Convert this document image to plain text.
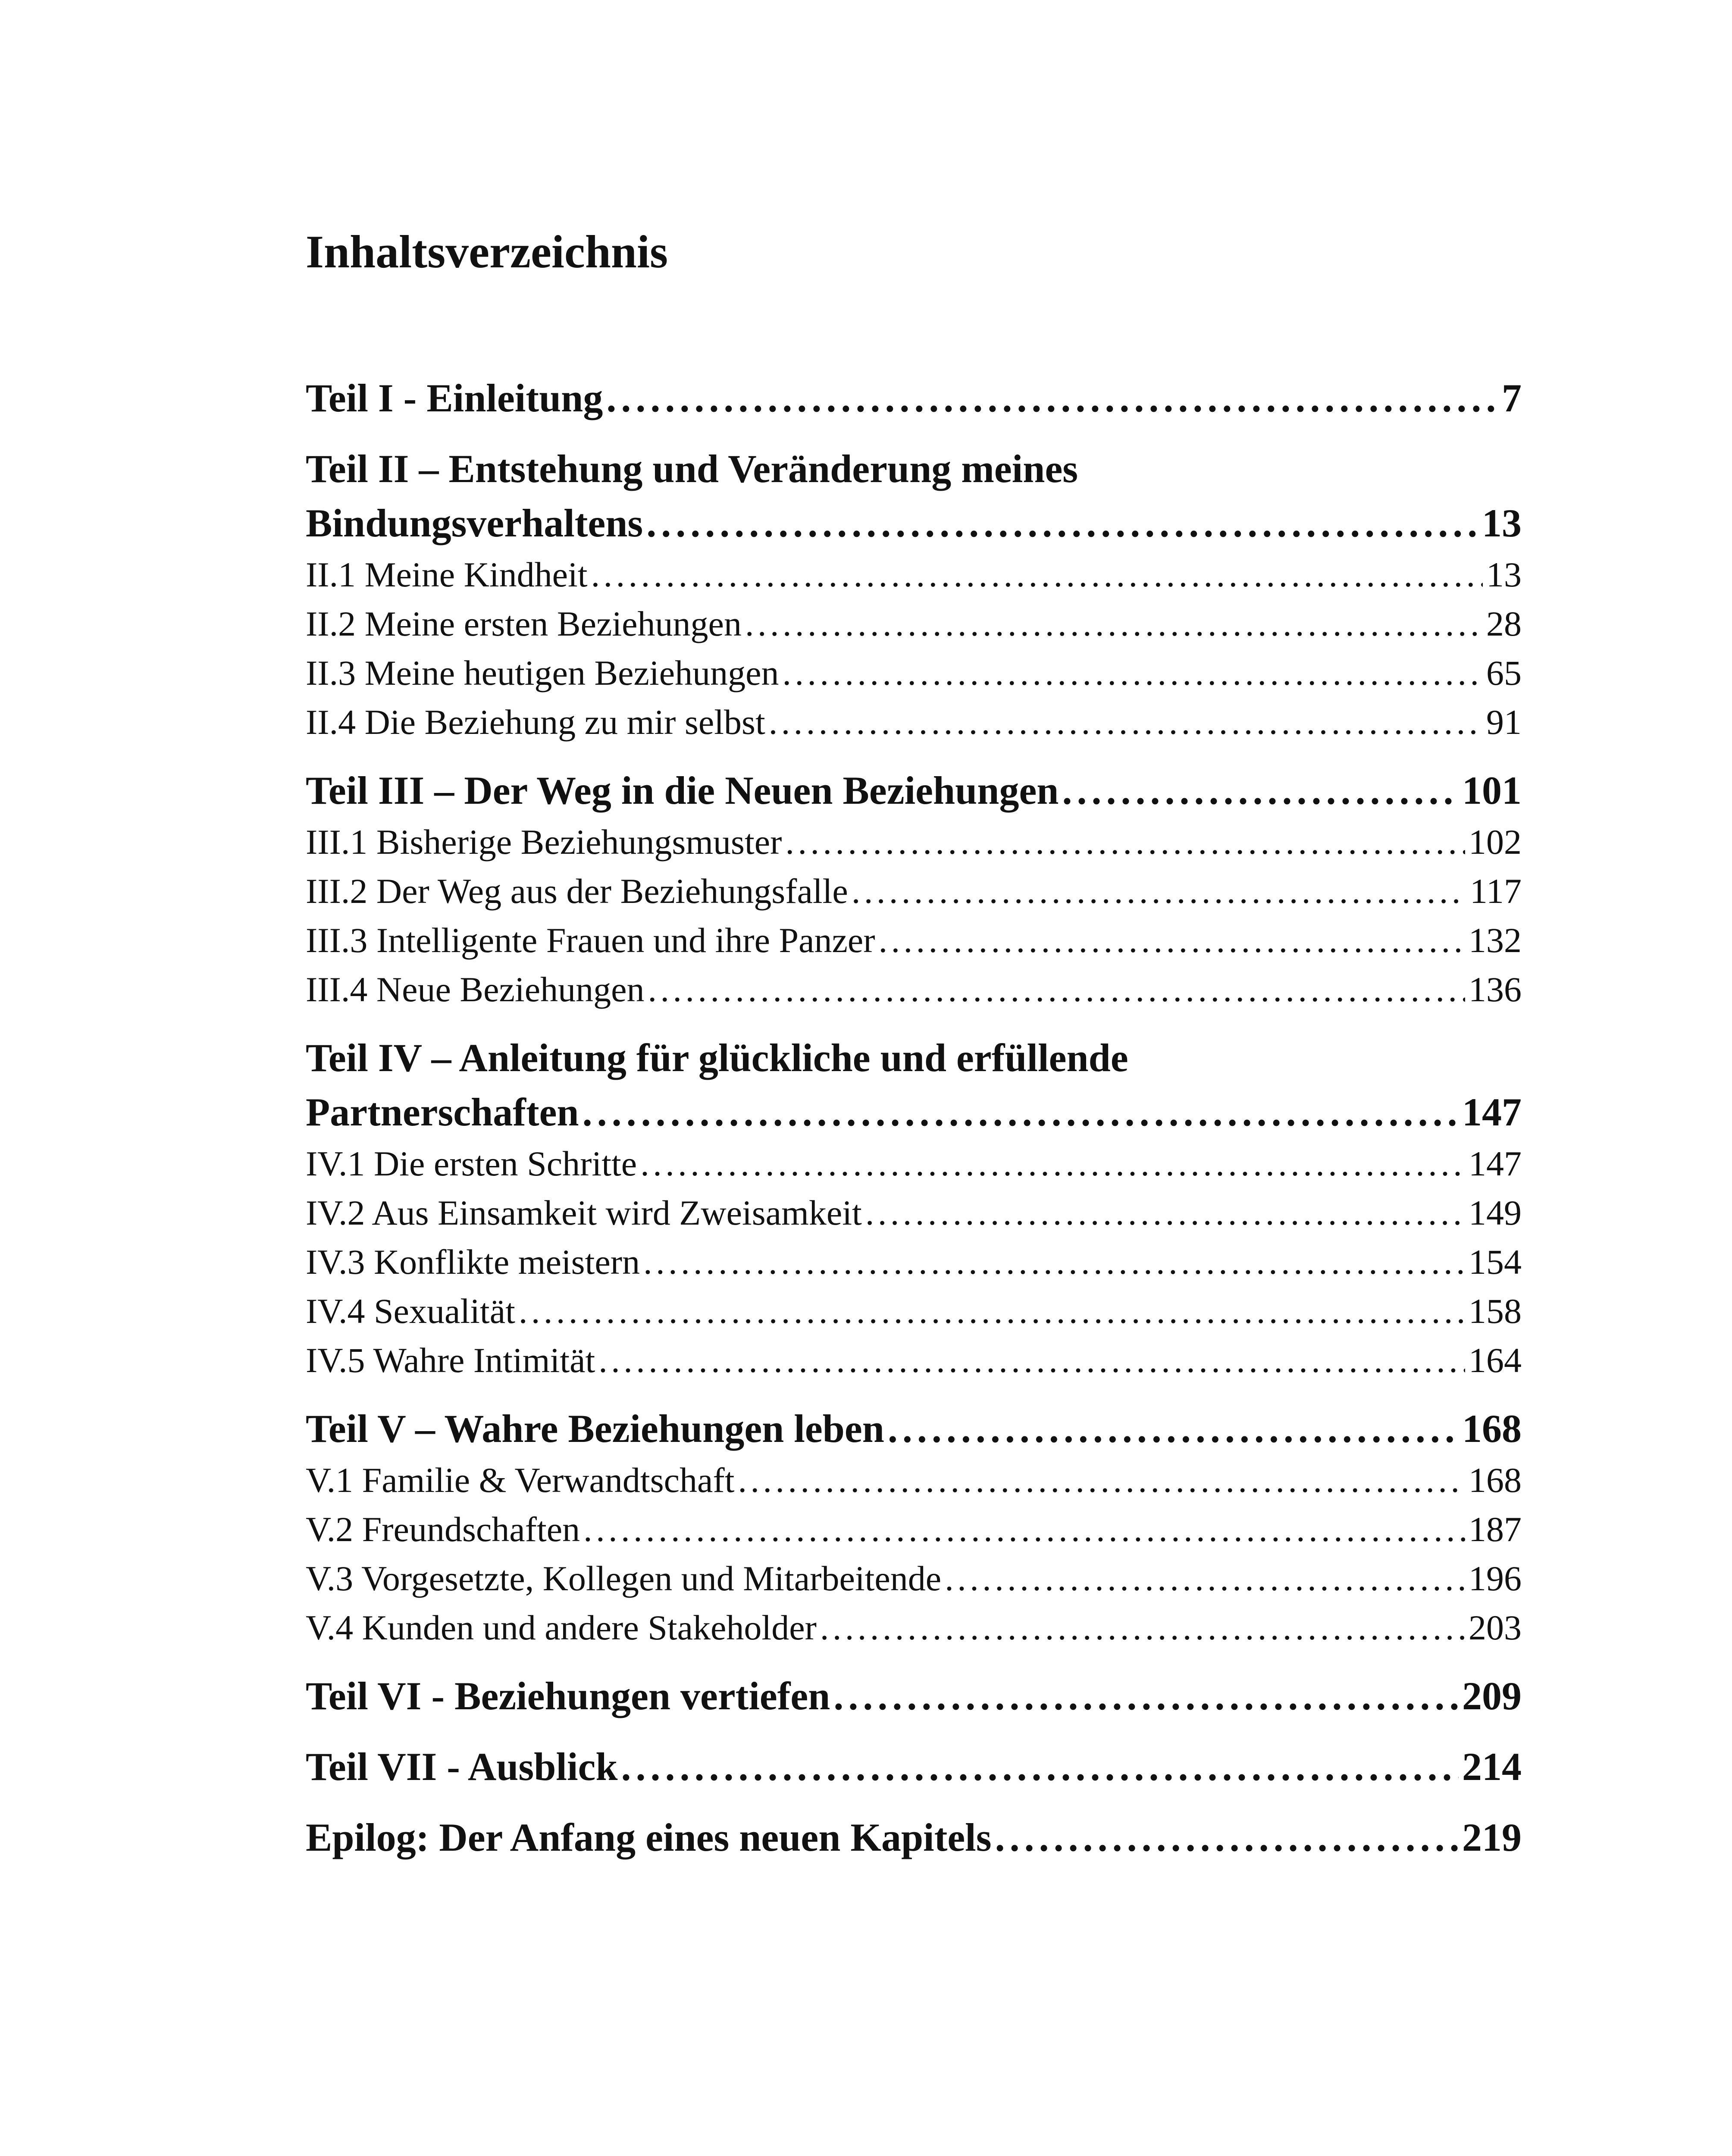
Inhaltsverzeichnis
Teil I - Einleitung . . .	7
Teil II – Entstehung und Veränderung meines
Bindungsverhaltens . . .	13
II.1 Meine Kindheit . . .	13
II.2 Meine ersten Beziehungen . . .	28
II.3 Meine heutigen Beziehungen . . .	65
II.4 Die Beziehung zu mir selbst . . .	91
Teil III – Der Weg in die Neuen Beziehungen . . .	101
III.1 Bisherige Beziehungsmuster . . .	102
III.2 Der Weg aus der Beziehungsfalle . . .	117
III.3 Intelligente Frauen und ihre Panzer . . .	132
III.4 Neue Beziehungen . . .	136
Teil IV – Anleitung für glückliche und erfüllende
Partnerschaften . . .	147
IV.1 Die ersten Schritte . . .	147
IV.2 Aus Einsamkeit wird Zweisamkeit . . .	149
IV.3 Konflikte meistern . . .	154
IV.4 Sexualität . . .	158
IV.5 Wahre Intimität . . .	164
Teil V – Wahre Beziehungen leben . . .	168
V.1 Familie & Verwandtschaft . . .	168
V.2 Freundschaften . . .	187
V.3 Vorgesetzte, Kollegen und Mitarbeitende . . .	196
V.4 Kunden und andere Stakeholder . . .	203
Teil VI - Beziehungen vertiefen . . .	209
Teil VII - Ausblick . . .	214
Epilog: Der Anfang eines neuen Kapitels . . .	219
